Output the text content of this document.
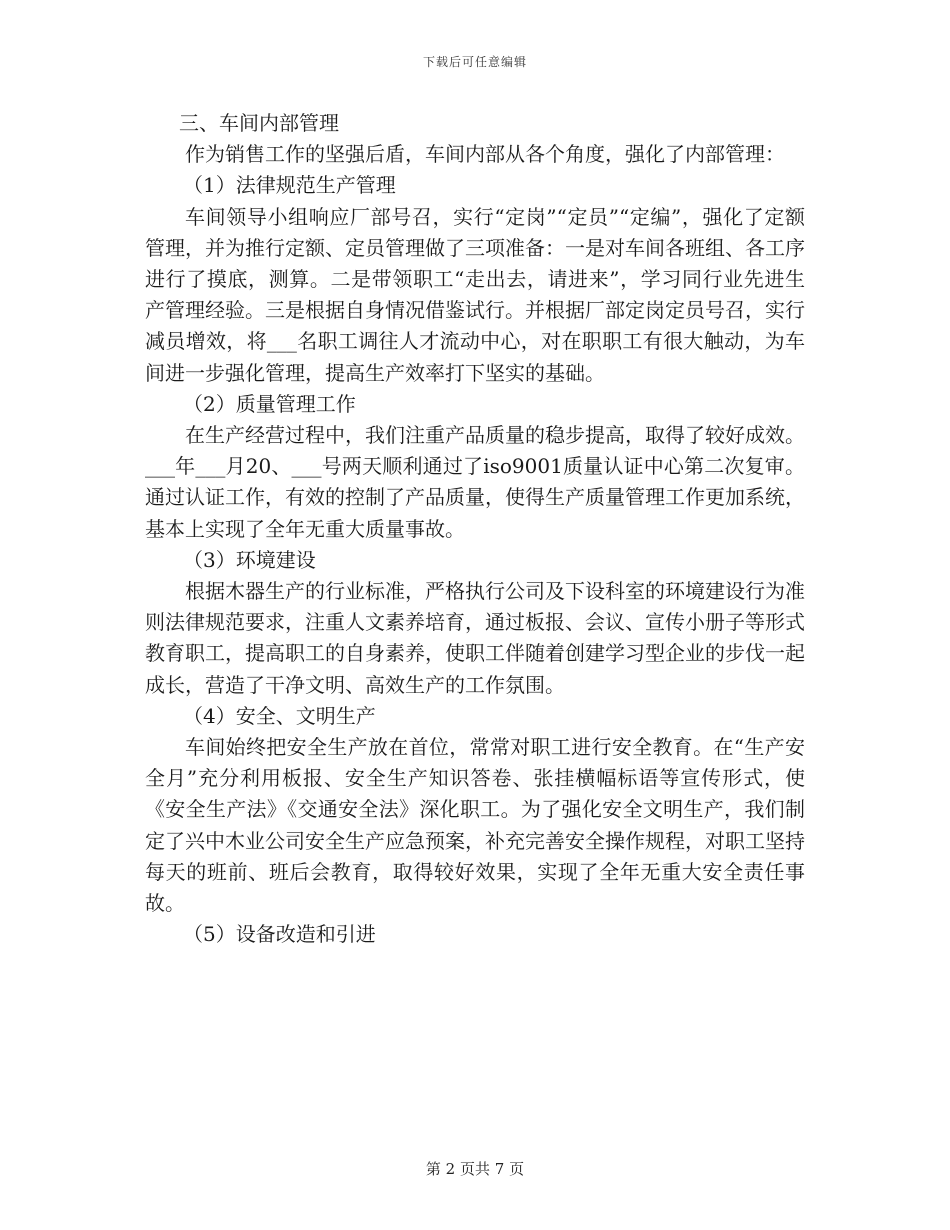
下载后可任意编辑

三、车间内部管理

作为销售工作的坚强后盾，车间内部从各个角度，强化了内部管理：

（1）法律规范生产管理

车间领导小组响应厂部号召，实行“定岗”“定员”“定编”，强化了定额管理，并为推行定额、定员管理做了三项准备：一是对车间各班组、各工序进行了摸底，测算。二是带领职工“走出去，请进来”，学习同行业先进生产管理经验。三是根据自身情况借鉴试行。并根据厂部定岗定员号召，实行减员增效，将___名职工调往人才流动中心，对在职职工有很大触动，为车间进一步强化管理，提高生产效率打下坚实的基础。

（2）质量管理工作

在生产经营过程中，我们注重产品质量的稳步提高，取得了较好成效。___年___月20、___号两天顺利通过了iso9001质量认证中心第二次复审。通过认证工作，有效的控制了产品质量，使得生产质量管理工作更加系统，基本上实现了全年无重大质量事故。

（3）环境建设

根据木器生产的行业标准，严格执行公司及下设科室的环境建设行为准则法律规范要求，注重人文素养培育，通过板报、会议、宣传小册子等形式教育职工，提高职工的自身素养，使职工伴随着创建学习型企业的步伐一起成长，营造了干净文明、高效生产的工作氛围。

（4）安全、文明生产

车间始终把安全生产放在首位，常常对职工进行安全教育。在“生产安全月”充分利用板报、安全生产知识答卷、张挂横幅标语等宣传形式，使《安全生产法》《交通安全法》深化职工。为了强化安全文明生产，我们制定了兴中木业公司安全生产应急预案，补充完善安全操作规程，对职工坚持每天的班前、班后会教育，取得较好效果，实现了全年无重大安全责任事故。

（5）设备改造和引进

第 2 页共 7 页
